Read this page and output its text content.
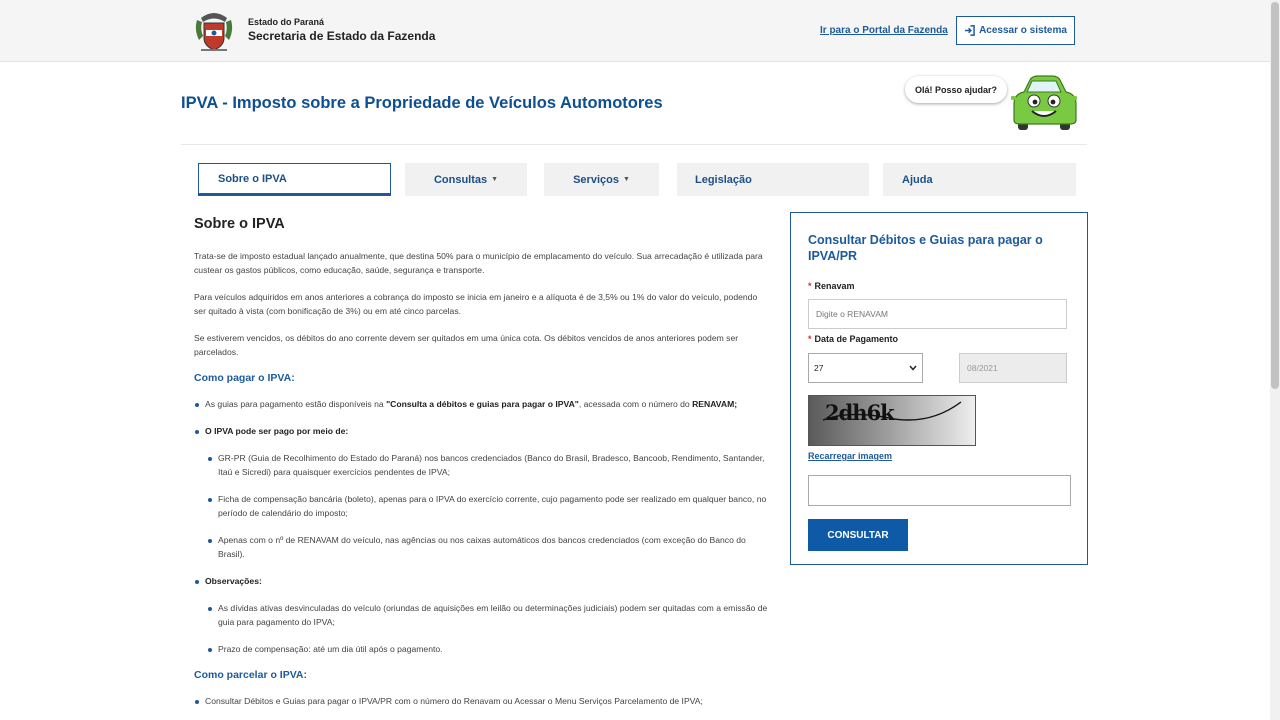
Estado do Paraná
Secretaria de Estado da Fazenda	Ir para o Portal da Fazenda	Acessar o sistema
IPVA - Imposto sobre a Propriedade de Veículos Automotores
Olá! Posso ajudar?
Sobre o IPVA	Consultas ▼	Serviços ▼	Legislação	Ajuda
Sobre o IPVA

Trata-se de imposto estadual lançado anualmente, que destina 50% para o município de emplacamento do veículo. Sua arrecadação é utilizada para custear os gastos públicos, como educação, saúde, segurança e transporte.

Para veículos adquiridos em anos anteriores a cobrança do imposto se inicia em janeiro e a alíquota é de 3,5% ou 1% do valor do veículo, podendo ser quitado à vista (com bonificação de 3%) ou em até cinco parcelas.

Se estiverem vencidos, os débitos do ano corrente devem ser quitados em uma única cota. Os débitos vencidos de anos anteriores podem ser parcelados.

Como pagar o IPVA:
As guias para pagamento estão disponíveis na "Consulta a débitos e guias para pagar o IPVA", acessada com o número do RENAVAM;
O IPVA pode ser pago por meio de:
GR-PR (Guia de Recolhimento do Estado do Paraná) nos bancos credenciados (Banco do Brasil, Bradesco, Bancoob, Rendimento, Santander, Itaú e Sicredi) para quaisquer exercícios pendentes de IPVA;
Ficha de compensação bancária (boleto), apenas para o IPVA do exercício corrente, cujo pagamento pode ser realizado em qualquer banco, no período de calendário do imposto;
Apenas com o nº de RENAVAM do veículo, nas agências ou nos caixas automáticos dos bancos credenciados (com exceção do Banco do Brasil).
Observações:
As dívidas ativas desvinculadas do veículo (oriundas de aquisições em leilão ou determinações judiciais) podem ser quitadas com a emissão de guia para pagamento do IPVA;
Prazo de compensação: até um dia útil após o pagamento.
Como parcelar o IPVA:
Consultar Débitos e Guias para pagar o IPVA/PR com o número do Renavam ou Acessar o Menu Serviços Parcelamento de IPVA;
Consultar Débitos e Guias para pagar o IPVA/PR
* Renavam
Digite o RENAVAM
* Data de Pagamento
27	08/2021
2dh6k
Recarregar imagem
CONSULTAR
